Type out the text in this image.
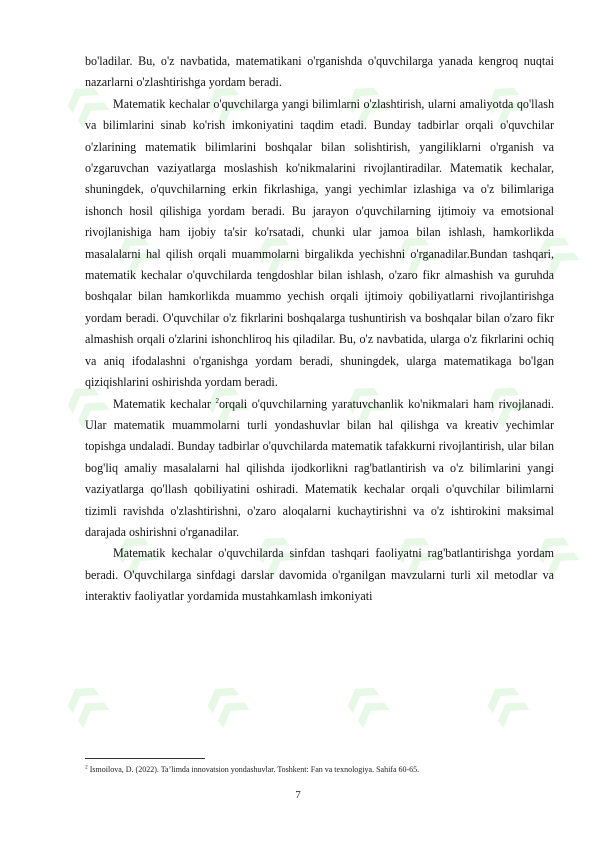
bo'ladilar. Bu, o'z navbatida, matematikani o'rganishda o'quvchilarga yanada kengroq nuqtai nazarlarni o'zlashtirishga yordam beradi.

Matematik kechalar o'quvchilarga yangi bilimlarni o'zlashtirish, ularni amaliyotda qo'llash va bilimlarini sinab ko'rish imkoniyatini taqdim etadi. Bunday tadbirlar orqali o'quvchilar o'zlarining matematik bilimlarini boshqalar bilan solishtirish, yangiliklarni o'rganish va o'zgaruvchan vaziyatlarga moslashish ko'nikmalarini rivojlantiradilar. Matematik kechalar, shuningdek, o'quvchilarning erkin fikrlashiga, yangi yechimlar izlashiga va o'z bilimlariga ishonch hosil qilishiga yordam beradi. Bu jarayon o'quvchilarning ijtimoiy va emotsional rivojlanishiga ham ijobiy ta'sir ko'rsatadi, chunki ular jamoa bilan ishlash, hamkorlikda masalalarni hal qilish orqali muammolarni birgalikda yechishni o'rganadilar.Bundan tashqari, matematik kechalar o'quvchilarda tengdoshlar bilan ishlash, o'zaro fikr almashish va guruhda boshqalar bilan hamkorlikda muammo yechish orqali ijtimoiy qobiliyatlarni rivojlantirishga yordam beradi. O'quvchilar o'z fikrlarini boshqalarga tushuntirish va boshqalar bilan o'zaro fikr almashish orqali o'zlarini ishonchliroq his qiladilar. Bu, o'z navbatida, ularga o'z fikrlarini ochiq va aniq ifodalashni o'rganishga yordam beradi, shuningdek, ularga matematikaga bo'lgan qiziqishlarini oshirishda yordam beradi.

Matematik kechalar $^2$orqali o'quvchilarning yaratuvchanlik ko'nikmalari ham rivojlanadi. Ular matematik muammolarni turli yondashuvlar bilan hal qilishga va kreativ yechimlar topishga undaladi. Bunday tadbirlar o'quvchilarda matematik tafakkurni rivojlantirish, ular bilan bog'liq amaliy masalalarni hal qilishda ijodkorlikni rag'batlantirish va o'z bilimlarini yangi vaziyatlarga qo'llash qobiliyatini oshiradi. Matematik kechalar orqali o'quvchilar bilimlarni tizimli ravishda o'zlashtirishni, o'zaro aloqalarni kuchaytirishni va o'z ishtirokini maksimal darajada oshirishni o'rganadilar.

Matematik kechalar o'quvchilarda sinfdan tashqari faoliyatni rag'batlantirishga yordam beradi. O'quvchilarga sinfdagi darslar davomida o'rganilgan mavzularni turli xil metodlar va interaktiv faoliyatlar yordamida mustahkamlash imkoniyati

$^2$ Ismoilova, D. (2022). Ta’limda innovatsion yondashuvlar. Toshkent: Fan va texnologiya. Sahifa 60-65.
7
